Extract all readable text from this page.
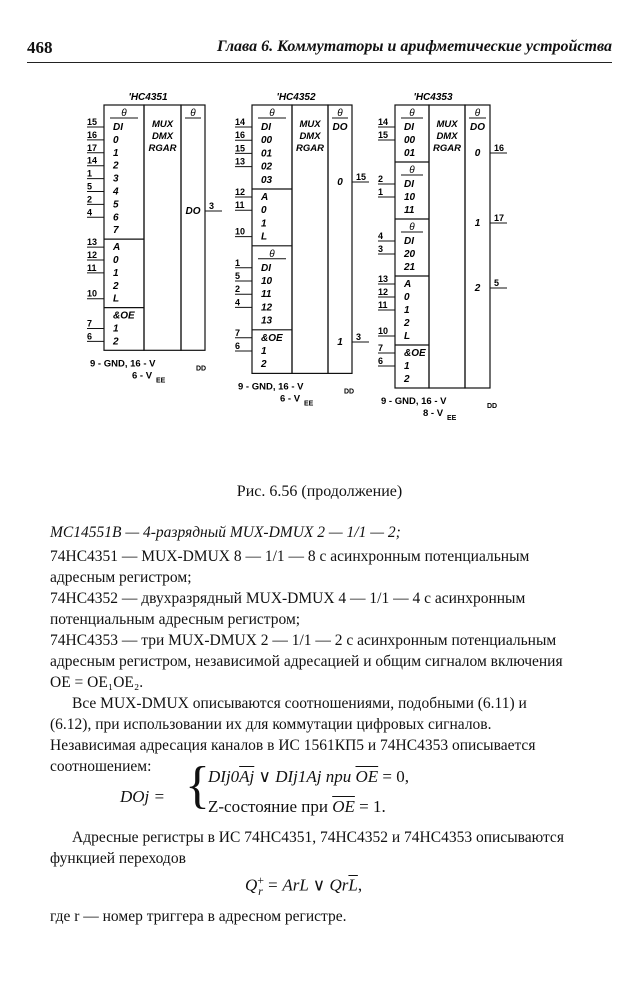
468	Глава 6. Коммутаторы и арифметические устройства
θ
DI
15
0
16
1
17
2
14
3
1
4
5
5
2
6
4
7
A
13
0
12
1
11
2
L
10
&OE
1
7
2
6
'HC4351
MUX
DMX
RGAR
θ
DO 3
9 - GND, 16 - V	DD
6 - V EE
θ
DI
14
00
16
01
15
02
13
03
A
12
0
11
1
L
10
θ
DI
1
10
5
11
2
12
4
13
&OE
7
1
6
2
'HC4352
MUX
DMX
RGAR
θ
DO
0 15
1 3
9 - GND, 16 - V	DD
6 - V EE
θ
DI
14
00
15
01
θ
DI
2
10
1
11
θ
DI
4
20
3
21
A
13
0
12
1
11
2
L
10
&OE
7
1
6
2
'HC4353
MUX
DMX
RGAR
θ
DO
0 16
1 17
2 5
9 - GND, 16 - V	DD
8 - V EE
Рис. 6.56 (продолжение)
MC14551B — 4-разрядный MUX-DMUX 2 — 1/1 — 2;
74HC4351 — MUX-DMUX 8 — 1/1 — 8 с асинхронным потенциальным адресным регистром;
74HC4352 — двухразрядный MUX-DMUX 4 — 1/1 — 4 с асинхронным потенциальным адресным регистром;
74HC4353 — три MUX-DMUX 2 — 1/1 — 2 с асинхронным потенциальным адресным регистром, независимой адресацией и общим сигналом включения OE = OE₁OE₂.
Все MUX-DMUX описываются соотношениями, подобными (6.11) и (6.12), при использовании их для коммутации цифровых сигналов. Независимая адресация каналов в ИС 1561КП5 и 74HC4353 описывается соотношением:
DOj = {
$DIj0\overline{Aj}$ ∨ DIj1Aj при $\overline{OE} = 0$,
Z-состояние при $\overline{OE} = 1$.
Адресные регистры в ИС 74HC4351, 74HC4352 и 74HC4353 описываются функцией переходов
$Q^+_r$ = ArL ∨ $Qr\overline{L}$,
где r — номер триггера в адресном регистре.
